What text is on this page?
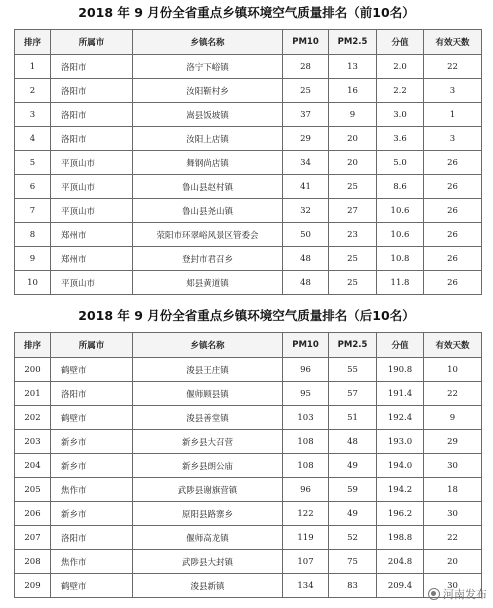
2018 年 9 月份全省重点乡镇环境空气质量排名（前10名）
排序	所属市	乡镇名称	PM10	PM2.5	分值	有效天数
1	洛阳市	洛宁下峪镇	28	13	2.0	22
2	洛阳市	汝阳靳村乡	25	16	2.2	3
3	洛阳市	嵩县饭坡镇	37	9	3.0	1
4	洛阳市	汝阳上店镇	29	20	3.6	3
5	平顶山市	舞钢尚店镇	34	20	5.0	26
6	平顶山市	鲁山县赵村镇	41	25	8.6	26
7	平顶山市	鲁山县尧山镇	32	27	10.6	26
8	郑州市	荥阳市环翠峪风景区管委会	50	23	10.6	26
9	郑州市	登封市君召乡	48	25	10.8	26
10	平顶山市	郏县黄道镇	48	25	11.8	26
2018 年 9 月份全省重点乡镇环境空气质量排名（后10名）
排序	所属市	乡镇名称	PM10	PM2.5	分值	有效天数
200	鹤壁市	浚县王庄镇	96	55	190.8	10
201	洛阳市	偃师顾县镇	95	57	191.4	22
202	鹤壁市	浚县善堂镇	103	51	192.4	9
203	新乡市	新乡县大召营	108	48	193.0	29
204	新乡市	新乡县朗公庙	108	49	194.0	30
205	焦作市	武陟县谢旗营镇	96	59	194.2	18
206	新乡市	原阳县路寨乡	122	49	196.2	30
207	洛阳市	偃师高龙镇	119	52	198.8	22
208	焦作市	武陟县大封镇	107	75	204.8	20
209	鹤壁市	浚县新镇	134	83	209.4	30
河南发布
